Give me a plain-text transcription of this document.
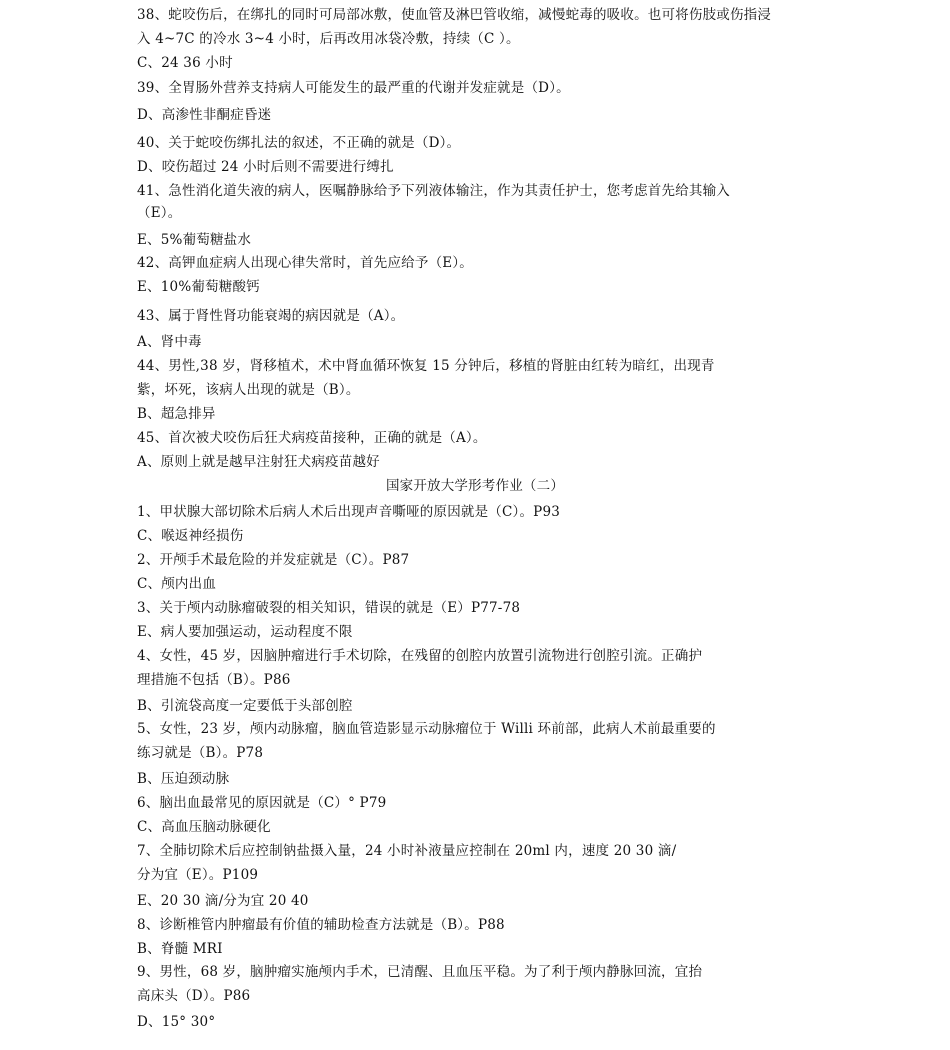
38、蛇咬伤后，在绑扎的同时可局部冰敷，使血管及淋巴管收缩，减慢蛇毒的吸收。也可将伤肢或伤指浸

入 4~7C 的冷水 3~4 小时，后再改用冰袋冷敷，持续（C ）。

C、24 36 小时

39、全胃肠外营养支持病人可能发生的最严重的代谢并发症就是（D）。

D、高渗性非酮症昏迷

40、关于蛇咬伤绑扎法的叙述，不正确的就是（D）。

D、咬伤超过 24 小时后则不需要进行缚扎

41、急性消化道失液的病人，医嘱静脉给予下列液体输注，作为其责任护士，您考虑首先给其输入

（E）。

E、5%葡萄糖盐水

42、高钾血症病人出现心律失常时，首先应给予（E）。

E、10%葡萄糖酸钙

43、属于肾性肾功能衰竭的病因就是（A）。

A、肾中毒

44、男性,38 岁，肾移植术，术中肾血循环恢复 15 分钟后，移植的肾脏由红转为暗红，出现青

紫，坏死，该病人出现的就是（B）。

B、超急排异

45、首次被犬咬伤后狂犬病疫苗接种，正确的就是（A）。

A、原则上就是越早注射狂犬病疫苗越好

国家开放大学形考作业（二）

1、甲状腺大部切除术后病人术后出现声音嘶哑的原因就是（C）。P93

C、喉返神经损伤

2、开颅手术最危险的并发症就是（C）。P87

C、颅内出血

3、关于颅内动脉瘤破裂的相关知识，错误的就是（E）P77-78

E、病人要加强运动，运动程度不限

4、女性，45 岁，因脑肿瘤进行手术切除，在残留的创腔内放置引流物进行创腔引流。正确护

理措施不包括（B）。P86

B、引流袋高度一定要低于头部创腔

5、女性，23 岁，颅内动脉瘤，脑血管造影显示动脉瘤位于 Willi 环前部，此病人术前最重要的

练习就是（B）。P78

B、压迫颈动脉

6、脑出血最常见的原因就是（C）° P79

C、高血压脑动脉硬化

7、全肺切除术后应控制钠盐摄入量，24 小时补液量应控制在 20ml 内，速度 20 30 滴/

分为宜（E）。P109

E、20 30 滴/分为宜 20 40

8、诊断椎管内肿瘤最有价值的辅助检查方法就是（B）。P88

B、脊髓 MRI

9、男性，68 岁，脑肿瘤实施颅内手术，已清醒、且血压平稳。为了利于颅内静脉回流，宜抬

高床头（D）。P86

D、15° 30°
